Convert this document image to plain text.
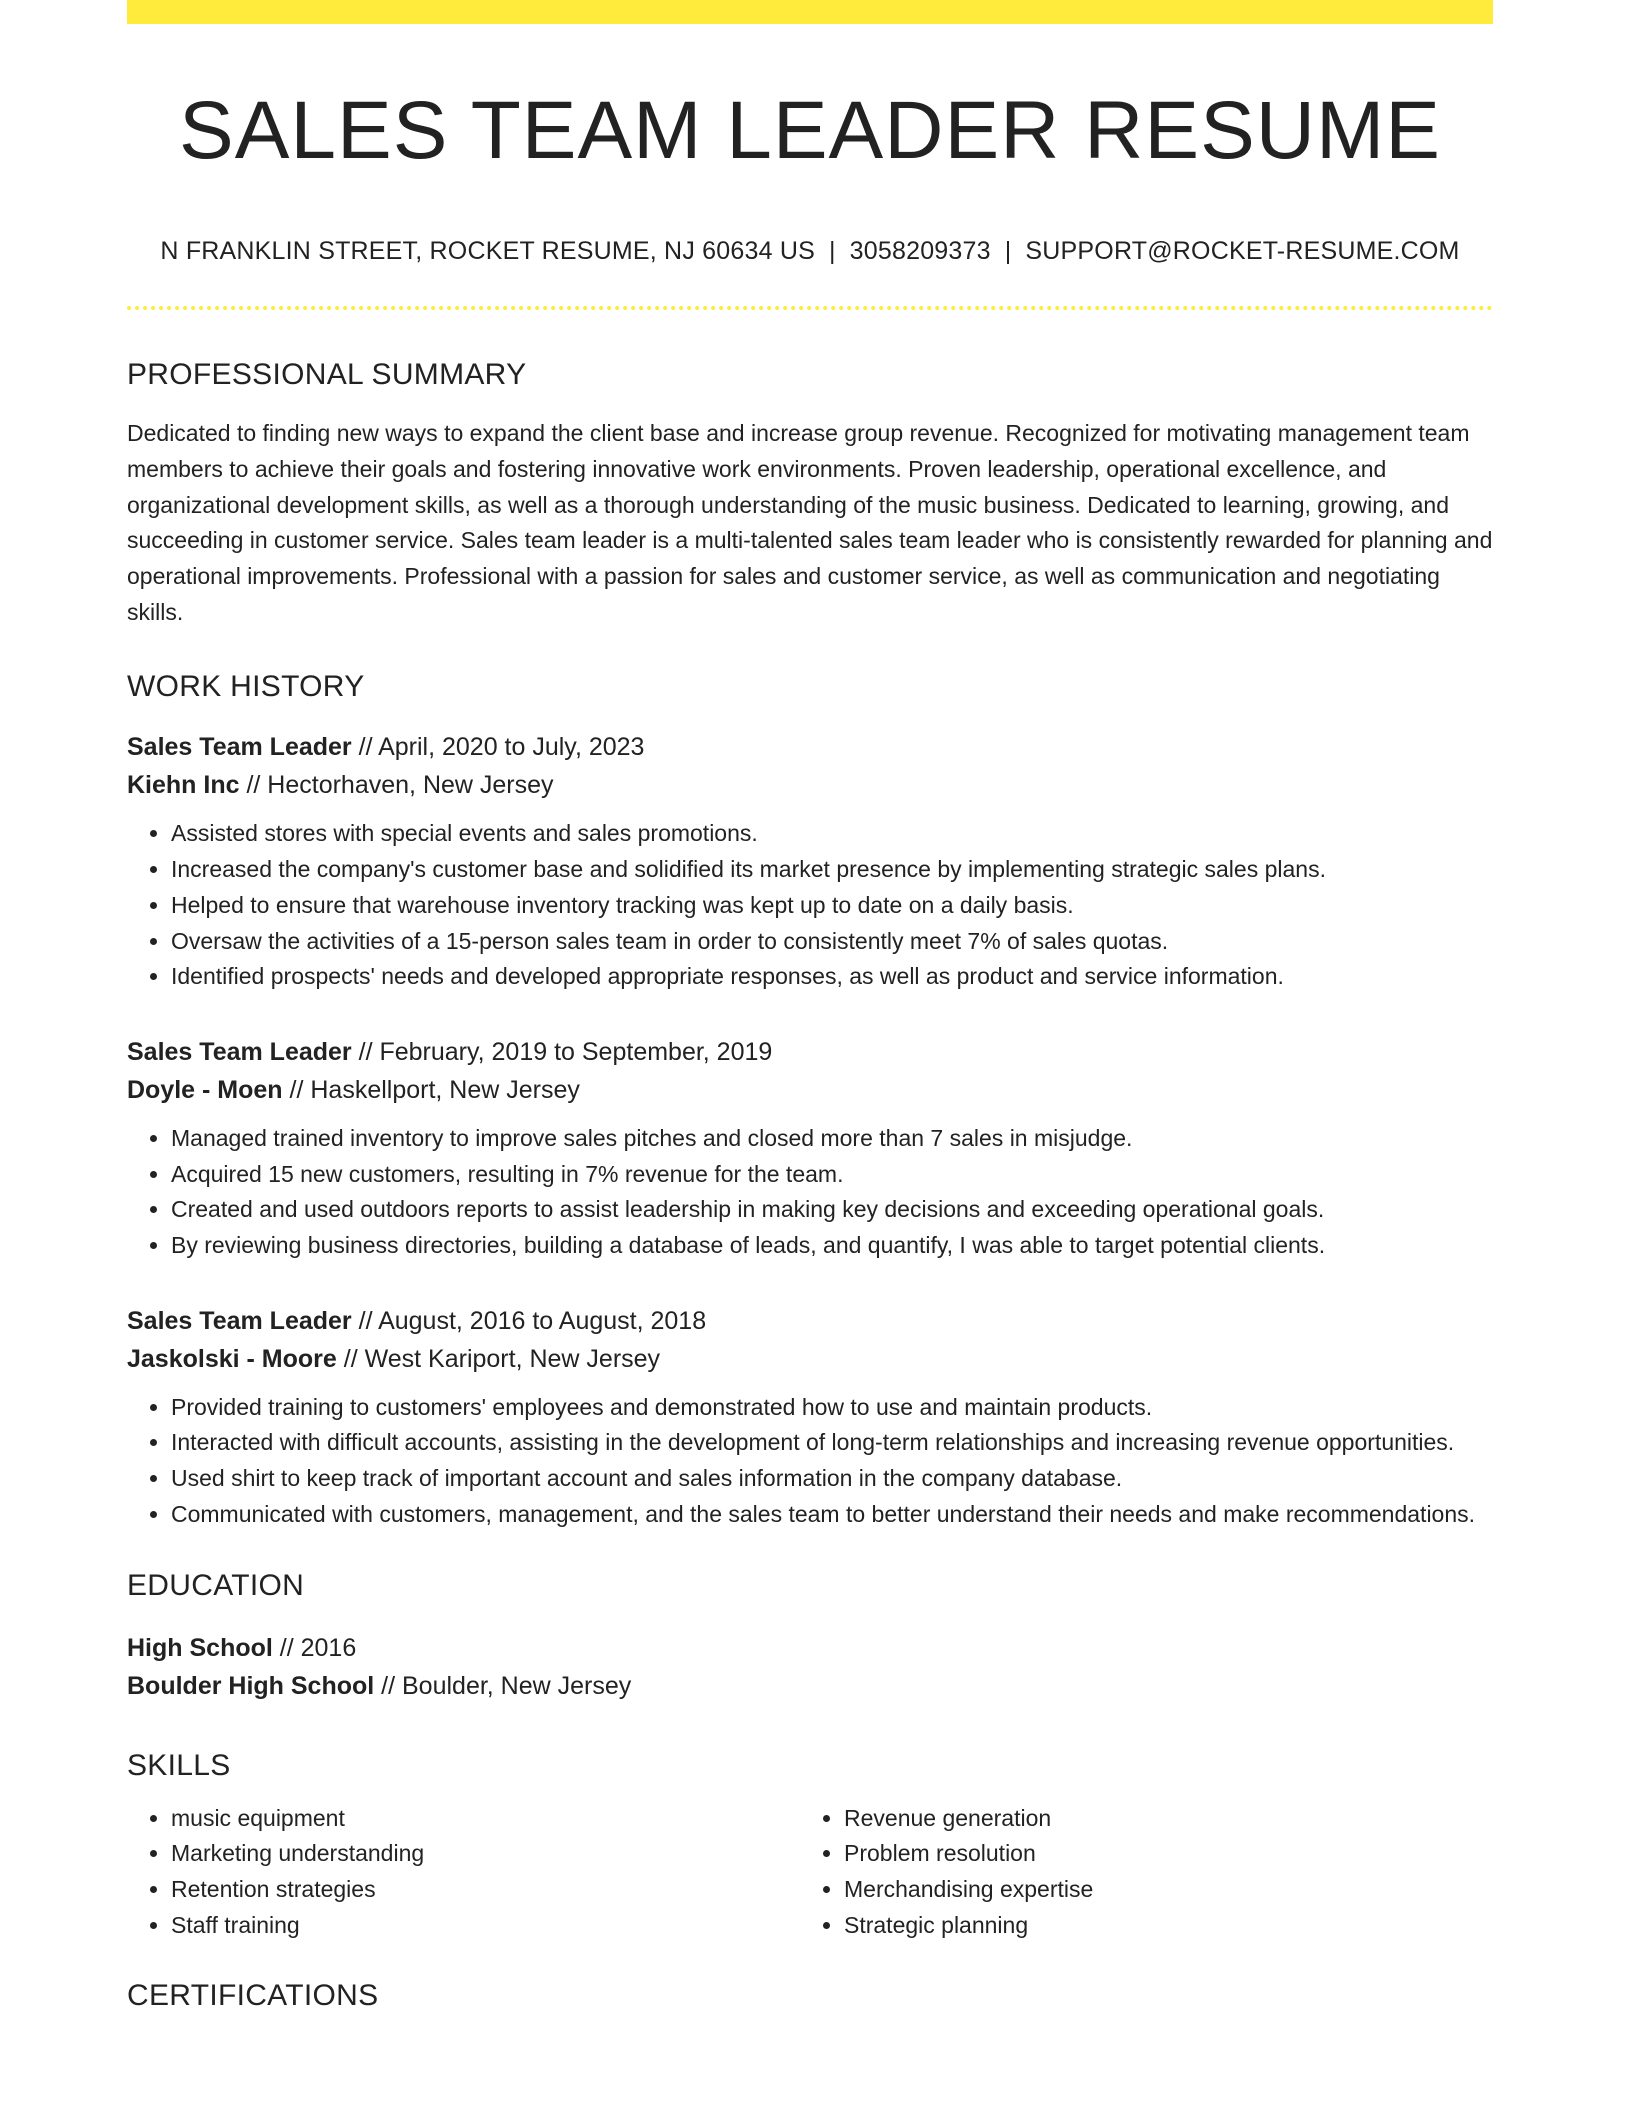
SALES TEAM LEADER RESUME
N FRANKLIN STREET, ROCKET RESUME, NJ 60634 US | 3058209373 | SUPPORT@ROCKET-RESUME.COM
PROFESSIONAL SUMMARY
Dedicated to finding new ways to expand the client base and increase group revenue. Recognized for motivating management team members to achieve their goals and fostering innovative work environments. Proven leadership, operational excellence, and organizational development skills, as well as a thorough understanding of the music business. Dedicated to learning, growing, and succeeding in customer service. Sales team leader is a multi-talented sales team leader who is consistently rewarded for planning and operational improvements. Professional with a passion for sales and customer service, as well as communication and negotiating skills.
WORK HISTORY
Sales Team Leader // April, 2020 to July, 2023
Kiehn Inc // Hectorhaven, New Jersey
• Assisted stores with special events and sales promotions.
• Increased the company's customer base and solidified its market presence by implementing strategic sales plans.
• Helped to ensure that warehouse inventory tracking was kept up to date on a daily basis.
• Oversaw the activities of a 15-person sales team in order to consistently meet 7% of sales quotas.
• Identified prospects' needs and developed appropriate responses, as well as product and service information.
Sales Team Leader // February, 2019 to September, 2019
Doyle - Moen // Haskellport, New Jersey
• Managed trained inventory to improve sales pitches and closed more than 7 sales in misjudge.
• Acquired 15 new customers, resulting in 7% revenue for the team.
• Created and used outdoors reports to assist leadership in making key decisions and exceeding operational goals.
• By reviewing business directories, building a database of leads, and quantify, I was able to target potential clients.
Sales Team Leader // August, 2016 to August, 2018
Jaskolski - Moore // West Kariport, New Jersey
• Provided training to customers' employees and demonstrated how to use and maintain products.
• Interacted with difficult accounts, assisting in the development of long-term relationships and increasing revenue opportunities.
• Used shirt to keep track of important account and sales information in the company database.
• Communicated with customers, management, and the sales team to better understand their needs and make recommendations.
EDUCATION
High School // 2016
Boulder High School // Boulder, New Jersey
SKILLS
• music equipment
• Marketing understanding
• Retention strategies
• Staff training
• Revenue generation
• Problem resolution
• Merchandising expertise
• Strategic planning
CERTIFICATIONS
